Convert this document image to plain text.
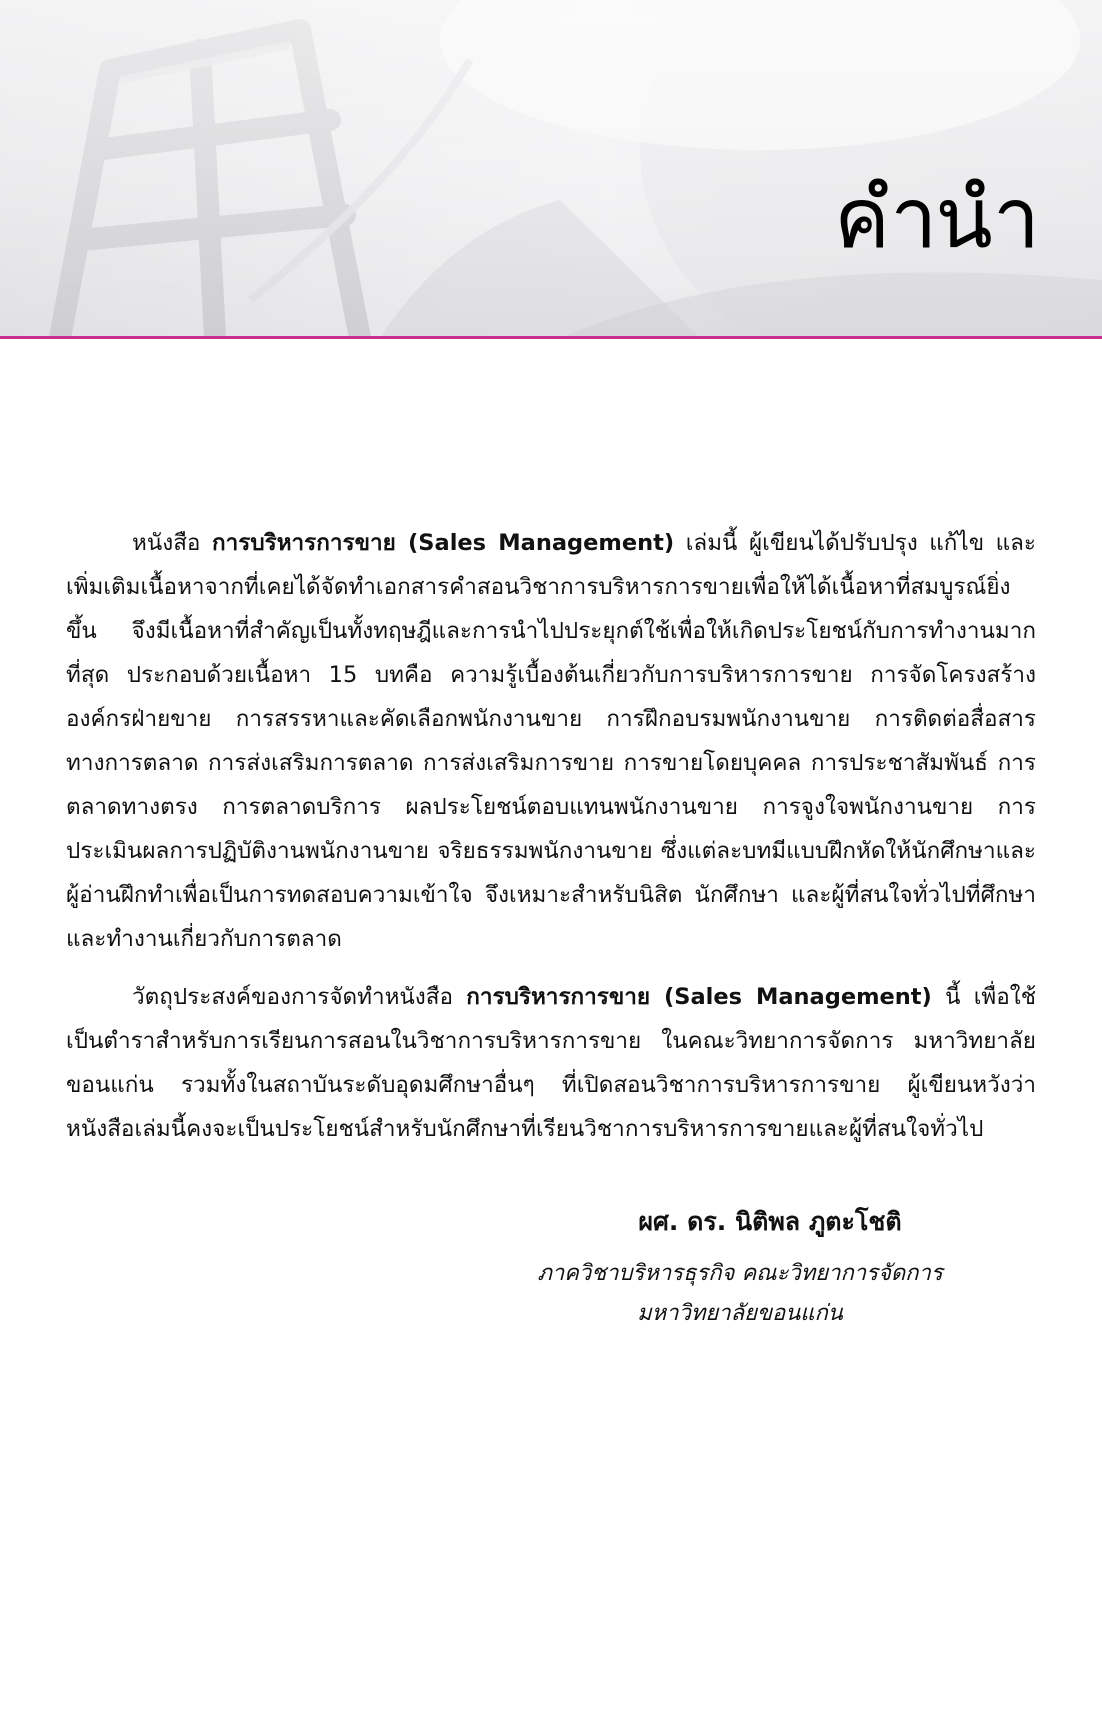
คำนำ

หนังสือ การบริหารการขาย (Sales Management) เล่มนี้ ผู้เขียนได้ปรับปรุง แก้ไข และเพิ่มเติมเนื้อหาจากที่เคยได้จัดทำเอกสารคำสอนวิชาการบริหารการขายเพื่อให้ได้เนื้อหาที่สมบูรณ์ยิ่งขึ้น จึงมีเนื้อหาที่สำคัญเป็นทั้งทฤษฎีและการนำไปประยุกต์ใช้เพื่อให้เกิดประโยชน์กับการทำงานมากที่สุด ประกอบด้วยเนื้อหา 15 บทคือ ความรู้เบื้องต้นเกี่ยวกับการบริหารการขาย การจัดโครงสร้างองค์กรฝ่ายขาย การสรรหาและคัดเลือกพนักงานขาย การฝึกอบรมพนักงานขาย การติดต่อสื่อสารทางการตลาด การส่งเสริมการตลาด การส่งเสริมการขาย การขายโดยบุคคล การประชาสัมพันธ์ การตลาดทางตรง การตลาดบริการ ผลประโยชน์ตอบแทนพนักงานขาย การจูงใจพนักงานขาย การประเมินผลการปฏิบัติงานพนักงานขาย จริยธรรมพนักงานขาย ซึ่งแต่ละบทมีแบบฝึกหัดให้นักศึกษาและผู้อ่านฝึกทำเพื่อเป็นการทดสอบความเข้าใจ จึงเหมาะสำหรับนิสิต นักศึกษา และผู้ที่สนใจทั่วไปที่ศึกษาและทำงานเกี่ยวกับการตลาด

วัตถุประสงค์ของการจัดทำหนังสือ การบริหารการขาย (Sales Management) นี้ เพื่อใช้เป็นตำราสำหรับการเรียนการสอนในวิชาการบริหารการขาย ในคณะวิทยาการจัดการ มหาวิทยาลัยขอนแก่น รวมทั้งในสถาบันระดับอุดมศึกษาอื่นๆ ที่เปิดสอนวิชาการบริหารการขาย ผู้เขียนหวังว่าหนังสือเล่มนี้คงจะเป็นประโยชน์สำหรับนักศึกษาที่เรียนวิชาการบริหารการขายและผู้ที่สนใจทั่วไป

ผศ. ดร. นิติพล ภูตะโชติ

ภาควิชาบริหารธุรกิจ คณะวิทยาการจัดการ

มหาวิทยาลัยขอนแก่น
